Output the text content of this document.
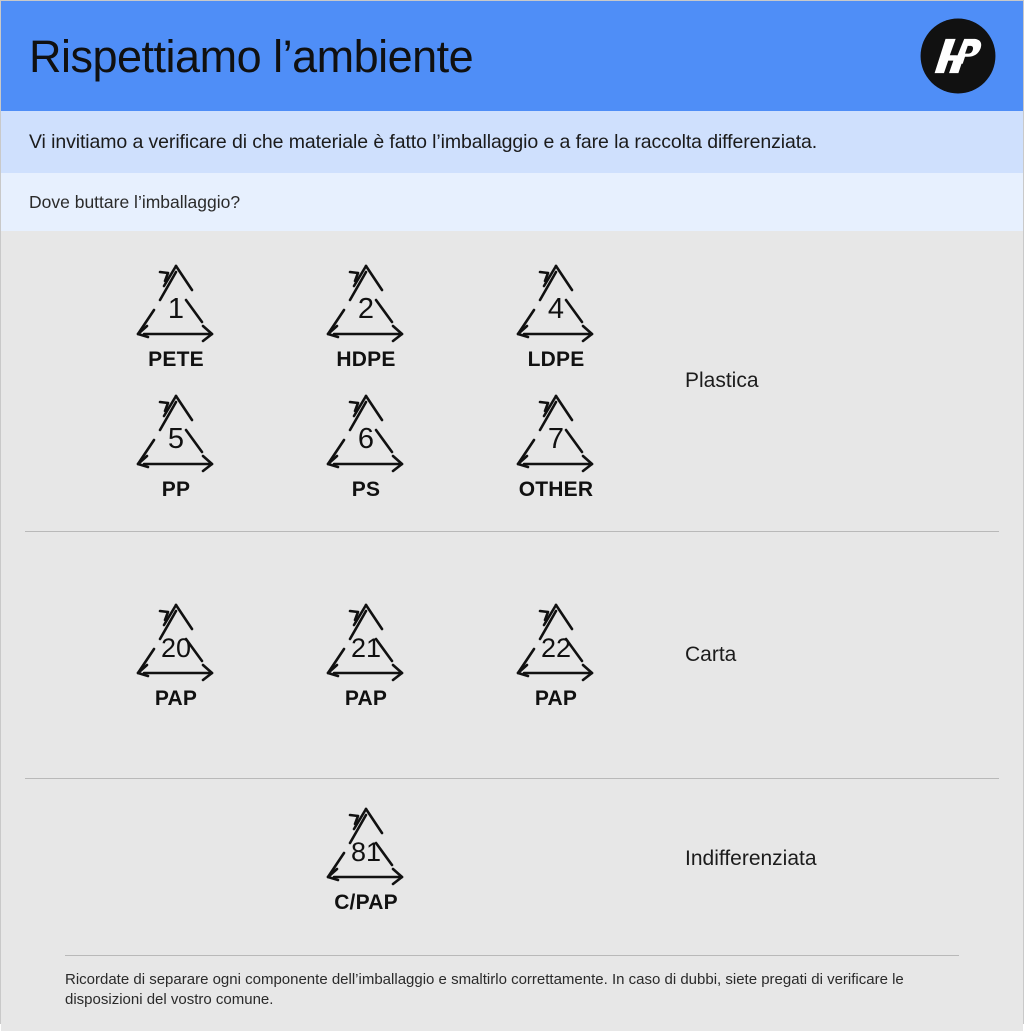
Rispettiamo l’ambiente
Vi invitiamo a verificare di che materiale è fatto l’imballaggio e a fare la raccolta differenziata.
Dove buttare l’imballaggio?
1
PETE
2
HDPE
4
LDPE
5
PP
6
PS
7
OTHER
Plastica
20
PAP
21
PAP
22
PAP
Carta
81
C/PAP
Indifferenziata
Ricordate di separare ogni componente dell’imballaggio e smaltirlo correttamente. In caso di dubbi, siete pregati di verificare le disposizioni del vostro comune.
